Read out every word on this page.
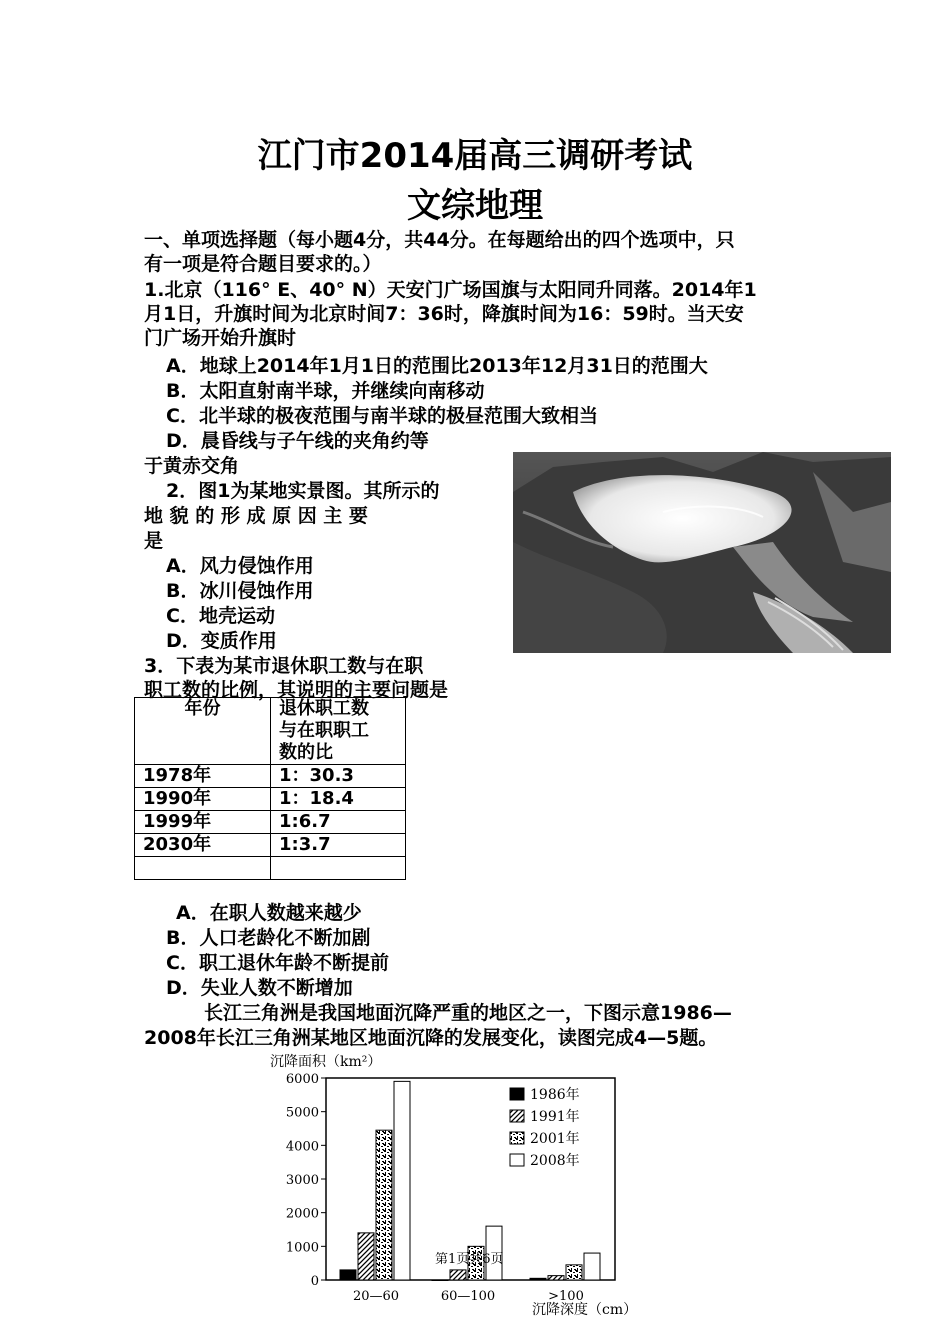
江门市2014届高三调研考试
文综地理
一、单项选择题（每小题4分，共44分。在每题给出的四个选项中，只
有一项是符合题目要求的。）
1.北京（116° E、40° N）天安门广场国旗与太阳同升同落。2014年1
月1日，升旗时间为北京时间7：36时，降旗时间为16：59时。当天安
门广场开始升旗时
A．地球上2014年1月1日的范围比2013年12月31日的范围大
B．太阳直射南半球，并继续向南移动
C．北半球的极夜范围与南半球的极昼范围大致相当
D．晨昏线与子午线的夹角约等
于黄赤交角
2．图1为某地实景图。其所示的
地 貌 的 形 成 原 因 主 要
是
A．风力侵蚀作用
B．冰川侵蚀作用
C．地壳运动
D．变质作用
3．下表为某市退休职工数与在职
职工数的比例，其说明的主要问题是
年份	退休职工数
与在职职工
数的比

1978年	1：30.3
1990年	1：18.4
1999年	1:6.7
2030年	1:3.7

A．在职人数越来越少
B．人口老龄化不断加剧
C．职工退休年龄不断提前
D．失业人数不断增加
长江三角洲是我国地面沉降严重的地区之一，下图示意1986—
2008年长江三角洲某地区地面沉降的发展变化，读图完成4—5题。
沉降面积（km²）
沉降深度（cm）
0
1000
2000
3000
4000
5000
6000
20—60	60—100	>100
1986年
1991年
2001年
2008年
第1页共6页
